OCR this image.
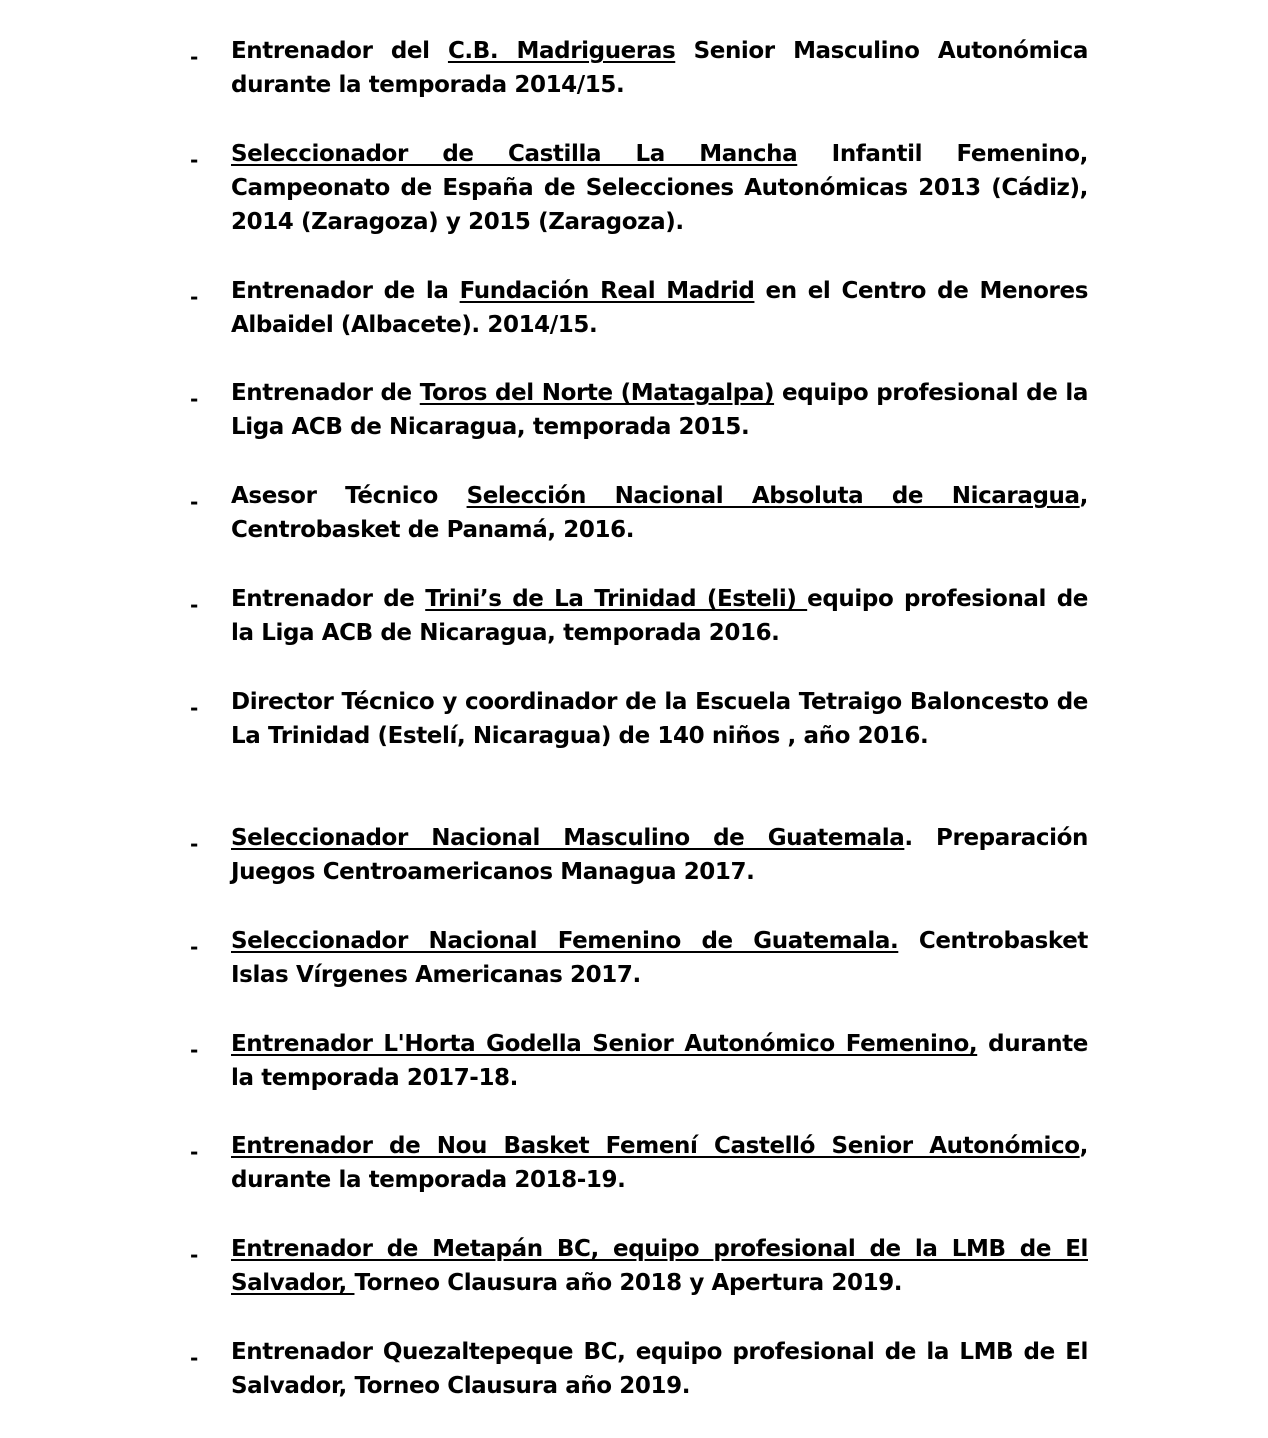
- Entrenador del C.B. Madrigueras Senior Masculino Autonómica durante la temporada 2014/15.
- Seleccionador de Castilla La Mancha Infantil Femenino, Campeonato de España de Selecciones Autonómicas 2013 (Cádiz), 2014 (Zaragoza) y 2015 (Zaragoza).
- Entrenador de la Fundación Real Madrid en el Centro de Menores Albaidel (Albacete). 2014/15.
- Entrenador de Toros del Norte (Matagalpa) equipo profesional de la Liga ACB de Nicaragua, temporada 2015.
- Asesor Técnico Selección Nacional Absoluta de Nicaragua, Centrobasket de Panamá, 2016.
- Entrenador de Trini’s de La Trinidad (Esteli) equipo profesional de la Liga ACB de Nicaragua, temporada 2016.
- Director Técnico y coordinador de la Escuela Tetraigo Baloncesto de La Trinidad (Estelí, Nicaragua) de 140 niños , año 2016.
- Seleccionador Nacional Masculino de Guatemala. Preparación Juegos Centroamericanos Managua 2017.
- Seleccionador Nacional Femenino de Guatemala. Centrobasket Islas Vírgenes Americanas 2017.
- Entrenador L'Horta Godella Senior Autonómico Femenino, durante la temporada 2017-18.
- Entrenador de Nou Basket Femení Castelló Senior Autonómico, durante la temporada 2018-19.
- Entrenador de Metapán BC, equipo profesional de la LMB de El Salvador, Torneo Clausura año 2018 y Apertura 2019.
- Entrenador Quezaltepeque BC, equipo profesional de la LMB de El Salvador, Torneo Clausura año 2019.
